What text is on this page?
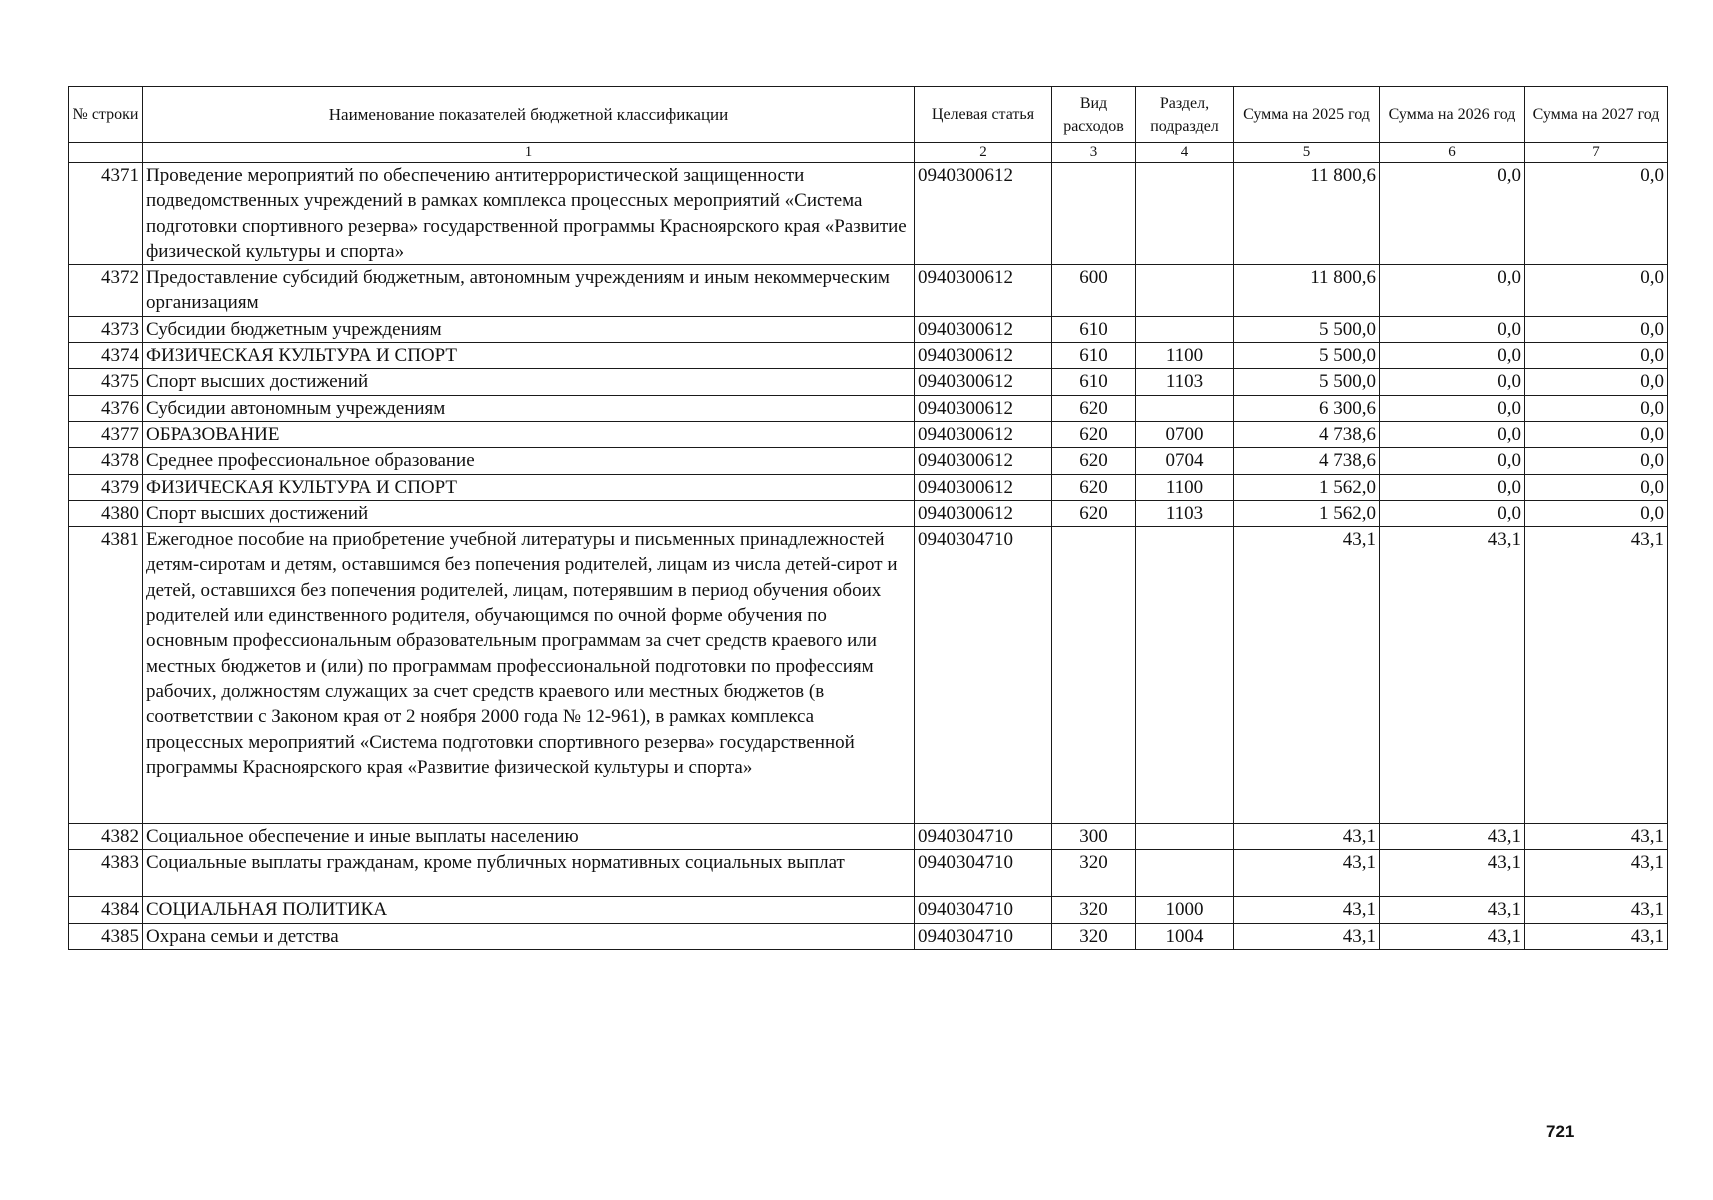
№ строки	Наименование показателей бюджетной классификации	Целевая статья	Вид расходов	Раздел, подраздел	Сумма на 2025 год	Сумма на 2026 год	Сумма на 2027 год
	1	2	3	4	5	6	7
4371	Проведение мероприятий по обеспечению антитеррористической защищенности подведомственных учреждений в рамках комплекса процессных мероприятий «Система подготовки спортивного резерва» государственной программы Красноярского края «Развитие физической культуры и спорта»	0940300612			11 800,6	0,0	0,0
4372	Предоставление субсидий бюджетным, автономным учреждениям и иным некоммерческим организациям	0940300612	600		11 800,6	0,0	0,0
4373	Субсидии бюджетным учреждениям	0940300612	610		5 500,0	0,0	0,0
4374	ФИЗИЧЕСКАЯ КУЛЬТУРА И СПОРТ	0940300612	610	1100	5 500,0	0,0	0,0
4375	Спорт высших достижений	0940300612	610	1103	5 500,0	0,0	0,0
4376	Субсидии автономным учреждениям	0940300612	620		6 300,6	0,0	0,0
4377	ОБРАЗОВАНИЕ	0940300612	620	0700	4 738,6	0,0	0,0
4378	Среднее профессиональное образование	0940300612	620	0704	4 738,6	0,0	0,0
4379	ФИЗИЧЕСКАЯ КУЛЬТУРА И СПОРТ	0940300612	620	1100	1 562,0	0,0	0,0
4380	Спорт высших достижений	0940300612	620	1103	1 562,0	0,0	0,0
4381	Ежегодное пособие на приобретение учебной литературы и письменных принадлежностей детям-сиротам и детям, оставшимся без попечения родителей, лицам из числа детей-сирот и детей, оставшихся без попечения родителей, лицам, потерявшим в период обучения обоих родителей или единственного родителя, обучающимся по очной форме обучения по основным профессиональным образовательным программам за счет средств краевого или местных бюджетов и (или) по программам профессиональной подготовки по профессиям рабочих, должностям служащих за счет средств краевого или местных бюджетов (в соответствии с Законом края от 2 ноября 2000 года № 12-961), в рамках комплекса процессных мероприятий «Система подготовки спортивного резерва» государственной программы Красноярского края «Развитие физической культуры и спорта»	0940304710			43,1	43,1	43,1
4382	Социальное обеспечение и иные выплаты населению	0940304710	300		43,1	43,1	43,1
4383	Социальные выплаты гражданам, кроме публичных нормативных социальных выплат	0940304710	320		43,1	43,1	43,1
4384	СОЦИАЛЬНАЯ ПОЛИТИКА	0940304710	320	1000	43,1	43,1	43,1
4385	Охрана семьи и детства	0940304710	320	1004	43,1	43,1	43,1
721
